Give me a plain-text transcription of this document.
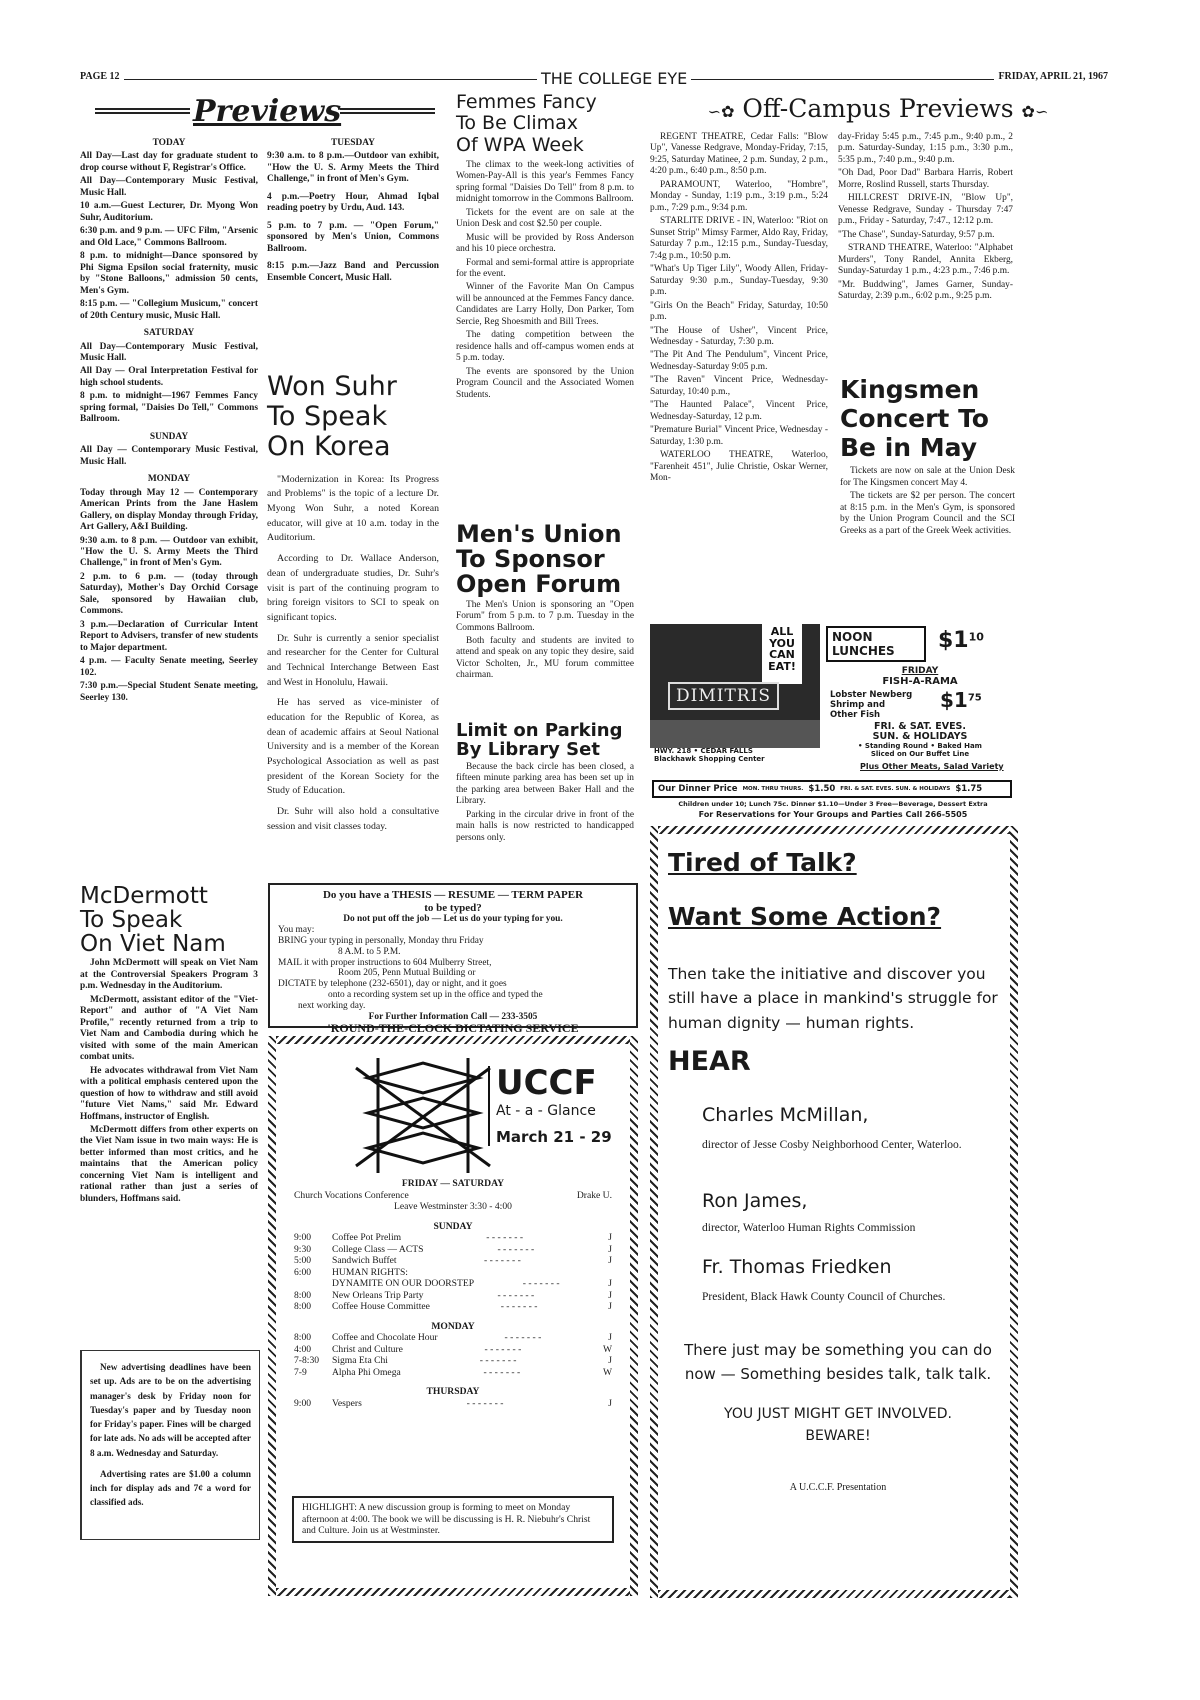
PAGE 12	THE COLLEGE EYE	FRIDAY, APRIL 21, 1967
Previews
TODAY

All Day—Last day for graduate student to drop course without F, Registrar's Office.

All Day—Contemporary Music Festival, Music Hall.

10 a.m.—Guest Lecturer, Dr. Myong Won Suhr, Auditorium.

6:30 p.m. and 9 p.m. — UFC Film, "Arsenic and Old Lace," Commons Ballroom.

8 p.m. to midnight—Dance sponsored by Phi Sigma Epsilon social fraternity, music by "Stone Balloons," admission 50 cents, Men's Gym.

8:15 p.m. — "Collegium Musicum," concert of 20th Century music, Music Hall.

SATURDAY

All Day—Contemporary Music Festival, Music Hall.

All Day — Oral Interpretation Festival for high school students.

8 p.m. to midnight—1967 Femmes Fancy spring formal, "Daisies Do Tell," Commons Ballroom.

SUNDAY

All Day — Contemporary Music Festival, Music Hall.

MONDAY

Today through May 12 — Contemporary American Prints from the Jane Haslem Gallery, on display Monday through Friday, Art Gallery, A&I Building.

9:30 a.m. to 8 p.m. — Outdoor van exhibit, "How the U. S. Army Meets the Third Challenge," in front of Men's Gym.

2 p.m. to 6 p.m. — (today through Saturday), Mother's Day Orchid Corsage Sale, sponsored by Hawaiian club, Commons.

3 p.m.—Declaration of Curricular Intent Report to Advisers, transfer of new students to Major department.

4 p.m. — Faculty Senate meeting, Seerley 102.

7:30 p.m.—Special Student Senate meeting, Seerley 130.

McDermott
To Speak
On Viet Nam

John McDermott will speak on Viet Nam at the Controversial Speakers Program 3 p.m. Wednesday in the Auditorium.

McDermott, assistant editor of the "Viet-Report" and author of "A Viet Nam Profile," recently returned from a trip to Viet Nam and Cambodia during which he visited with some of the main American combat units.

He advocates withdrawal from Viet Nam with a political emphasis centered upon the question of how to withdraw and still avoid "future Viet Nams," said Mr. Edward Hoffmans, instructor of English.

McDermott differs from other experts on the Viet Nam issue in two main ways: He is better informed than most critics, and he maintains that the American policy concerning Viet Nam is intelligent and rational rather than just a series of blunders, Hoffmans said.

New advertising deadlines have been set up. Ads are to be on the advertising manager's desk by Friday noon for Tuesday's paper and by Tuesday noon for Friday's paper. Fines will be charged for late ads. No ads will be accepted after 8 a.m. Wednesday and Saturday.

Advertising rates are $1.00 a column inch for display ads and 7¢ a word for classified ads.

TUESDAY

9:30 a.m. to 8 p.m.—Outdoor van exhibit, "How the U. S. Army Meets the Third Challenge," in front of Men's Gym.

4 p.m.—Poetry Hour, Ahmad Iqbal reading poetry by Urdu, Aud. 143.

5 p.m. to 7 p.m. — "Open Forum," sponsored by Men's Union, Commons Ballroom.

8:15 p.m.—Jazz Band and Percussion Ensemble Concert, Music Hall.

Won Suhr
To Speak
On Korea

"Modernization in Korea: Its Progress and Problems" is the topic of a lecture Dr. Myong Won Suhr, a noted Korean educator, will give at 10 a.m. today in the Auditorium.

According to Dr. Wallace Anderson, dean of undergraduate studies, Dr. Suhr's visit is part of the continuing program to bring foreign visitors to SCI to speak on significant topics.

Dr. Suhr is currently a senior specialist and researcher for the Center for Cultural and Technical Interchange Between East and West in Honolulu, Hawaii.

He has served as vice-minister of education for the Republic of Korea, as dean of academic affairs at Seoul National University and is a member of the Korean Psychological Association as well as past president of the Korean Society for the Study of Education.

Dr. Suhr will also hold a consultative session and visit classes today.

Femmes Fancy
To Be Climax
Of WPA Week

The climax to the week-long activities of Women-Pay-All is this year's Femmes Fancy spring formal "Daisies Do Tell" from 8 p.m. to midnight tomorrow in the Commons Ballroom.

Tickets for the event are on sale at the Union Desk and cost $2.50 per couple.

Music will be provided by Ross Anderson and his 10 piece orchestra.

Formal and semi-formal attire is appropriate for the event.

Winner of the Favorite Man On Campus will be announced at the Femmes Fancy dance. Candidates are Larry Holly, Don Parker, Tom Sercie, Reg Shoesmith and Bill Trees.

The dating competition between the residence halls and off-campus women ends at 5 p.m. today.

The events are sponsored by the Union Program Council and the Associated Women Students.

Men's Union
To Sponsor
Open Forum

The Men's Union is sponsoring an "Open Forum" from 5 p.m. to 7 p.m. Tuesday in the Commons Ballroom.

Both faculty and students are invited to attend and speak on any topic they desire, said Victor Scholten, Jr., MU forum committee chairman.

Limit on Parking
By Library Set

Because the back circle has been closed, a fifteen minute parking area has been set up in the parking area between Baker Hall and the Library.

Parking in the circular drive in front of the main halls is now restricted to handicapped persons only.

Do you have a THESIS — RESUME — TERM PAPER
to be typed?
Do not put off the job — Let us do your typing for you.
You may:
BRING your typing in personally, Monday thru Friday
8 A.M. to 5 P.M.
MAIL it with proper instructions to 604 Mulberry Street,
Room 205, Penn Mutual Building or
DICTATE by telephone (232-6501), day or night, and it goes
onto a recording system set up in the office and typed the
next working day.
For Further Information Call — 233-3505
'ROUND-THE-CLOCK DICTATING SERVICE
UCCF
At - a - Glance
March 21 - 29
FRIDAY — SATURDAY
Church Vocations Conference	Drake U.
Leave Westminster 3:30 - 4:00
SUNDAY
9:00 Coffee Pot Prelim	- - - - - - -	J
9:30 College Class — ACTS	- - - - - - -	J
5:00 Sandwich Buffet	- - - - - - -	J
6:00 HUMAN RIGHTS:
DYNAMITE ON OUR DOORSTEP	- - - - - - -	J
8:00 New Orleans Trip Party	- - - - - - -	J
8:00 Coffee House Committee	- - - - - - -	J
MONDAY
8:00 Coffee and Chocolate Hour	- - - - - - -	J
4:00 Christ and Culture	- - - - - - -	W
7-8:30 Sigma Eta Chi	- - - - - - -	J
7-9	Alpha Phi Omega	- - - - - - -	W
THURSDAY
9:00 Vespers	- - - - - - -	J
HIGHLIGHT: A new discussion group is forming to meet on Monday afternoon at 4:00. The book we will be discussing is H. R. Niebuhr's Christ and Culture. Join us at Westminster.
∽✿ Off-Campus Previews ✿∽

REGENT THEATRE, Cedar Falls: "Blow Up", Vanesse Redgrave, Monday-Friday, 7:15, 9:25, Saturday Matinee, 2 p.m. Sunday, 2 p.m., 4:20 p.m., 6:40 p.m., 8:50 p.m.

PARAMOUNT, Waterloo, "Hombre", Monday - Sunday, 1:19 p.m., 3:19 p.m., 5:24 p.m., 7:29 p.m., 9:34 p.m.

STARLITE DRIVE - IN, Waterloo: "Riot on Sunset Strip" Mimsy Farmer, Aldo Ray, Friday, Saturday 7 p.m., 12:15 p.m., Sunday-Tuesday, 7:4g p.m., 10:50 p.m.

"What's Up Tiger Lily", Woody Allen, Friday-Saturday 9:30 p.m., Sunday-Tuesday, 9:30 p.m.

"Girls On the Beach" Friday, Saturday, 10:50 p.m.

"The House of Usher", Vincent Price, Wednesday - Saturday, 7:30 p.m.

"The Pit And The Pendulum", Vincent Price, Wednesday-Saturday 9:05 p.m.

"The Raven" Vincent Price, Wednesday-Saturday, 10:40 p.m.,

"The Haunted Palace", Vincent Price, Wednesday-Saturday, 12 p.m.

"Premature Burial" Vincent Price, Wednesday - Saturday, 1:30 p.m.

WATERLOO THEATRE, Waterloo, "Farenheit 451", Julie Christie, Oskar Werner, Mon-

day-Friday 5:45 p.m., 7:45 p.m., 9:40 p.m., 2 p.m. Saturday-Sunday, 1:15 p.m., 3:30 p.m., 5:35 p.m., 7:40 p.m., 9:40 p.m.

"Oh Dad, Poor Dad" Barbara Harris, Robert Morre, Roslind Russell, starts Thursday.

HILLCREST DRIVE-IN, "Blow Up", Venesse Redgrave, Sunday - Thursday 7:47 p.m., Friday - Saturday, 7:47., 12:12 p.m.

"The Chase", Sunday-Saturday, 9:57 p.m.

STRAND THEATRE, Waterloo: "Alphabet Murders", Tony Randel, Annita Ekberg, Sunday-Saturday 1 p.m., 4:23 p.m., 7:46 p.m.

"Mr. Buddwing", James Garner, Sunday-Saturday, 2:39 p.m., 6:02 p.m., 9:25 p.m.

Kingsmen
Concert To
Be in May

Tickets are now on sale at the Union Desk for The Kingsmen concert May 4.

The tickets are $2 per person. The concert at 8:15 p.m. in the Men's Gym, is sponsored by the Union Program Council and the SCI Greeks as a part of the Greek Week activities.

ALL
YOU
CAN
EAT!
DIMITRIS
NOON
LUNCHES	$\$1^{10}$
FRIDAY
FISH-A-RAMA
Lobster Newberg
Shrimp and
Other Fish
$\$1^{75}$
FRI. & SAT. EVES.
SUN. & HOLIDAYS
• Standing Round • Baked Ham
Sliced on Our Buffet Line
HWY. 218 • CEDAR FALLS
Blackhawk Shopping Center
Plus Other Meats, Salad Variety
Our Dinner Price MON. THRU THURS. $1.50 FRI. & SAT. EVES. SUN. & HOLIDAYS $1.75
Children under 10; Lunch 75c. Dinner $1.10—Under 3 Free—Beverage, Dessert Extra
For Reservations for Your Groups and Parties Call 266-5505
Tired of Talk?
Want Some Action?
Then take the initiative and discover you still have a place in mankind's struggle for human dignity — human rights.
HEAR
Charles McMillan,
director of Jesse Cosby Neighborhood Center, Waterloo.
Ron James,
director, Waterloo Human Rights Commission
Fr. Thomas Friedken
President, Black Hawk County Council of Churches.
There just may be something you can do now — Something besides talk, talk talk.
YOU JUST MIGHT GET INVOLVED.
BEWARE!
A U.C.C.F. Presentation
